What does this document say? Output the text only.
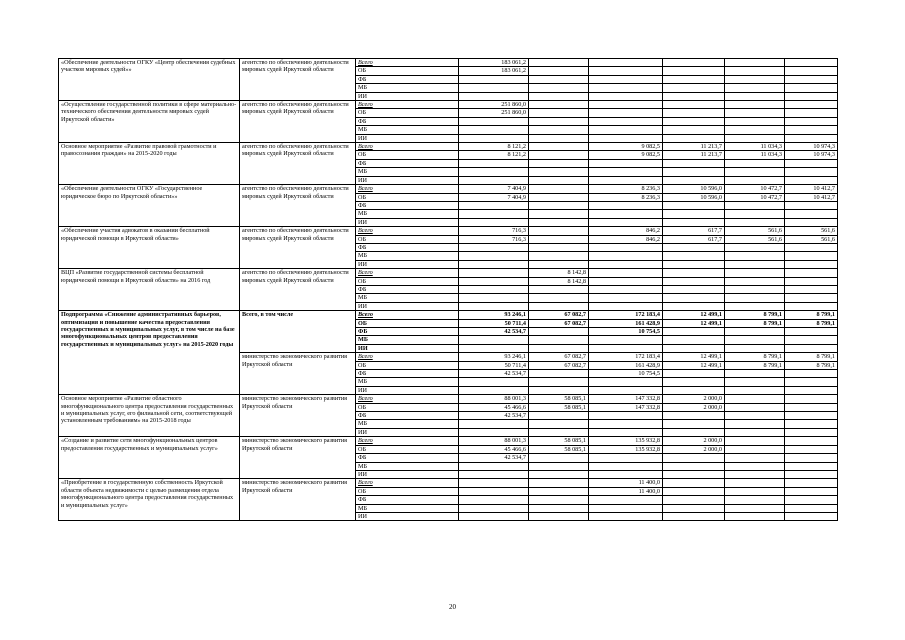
«Обеспечение деятельности ОГКУ «Центр обеспечения судебных участков мировых судей»»	агентство по обеспечению деятельности мировых судей Иркутской области	Всего	183 061,2					
		ОБ	183 061,2					
		ФБ						
		МБ						
		ИИ						
«Осуществление государственной политики в сфере материально-технического обеспечения деятельности мировых судей Иркутской области»	агентство по обеспечению деятельности мировых судей Иркутской области	Всего	251 860,0					
		ОБ	251 860,0					
		ФБ						
		МБ						
		ИИ						
Основное мероприятие «Развитие правовой грамотности и правосознания граждан» на 2015-2020 годы	агентство по обеспечению деятельности мировых судей Иркутской области	Всего	8 121,2		9 082,5	11 213,7	11 034,3	10 974,3
		ОБ	8 121,2		9 082,5	11 213,7	11 034,3	10 974,3
		ФБ						
		МБ						
		ИИ						
«Обеспечение деятельности ОГКУ «Государственное юридическое бюро по Иркутской области»»	агентство по обеспечению деятельности мировых судей Иркутской области	Всего	7 404,9		8 236,3	10 596,0	10 472,7	10 412,7
		ОБ	7 404,9		8 236,3	10 596,0	10 472,7	10 412,7
		ФБ						
		МБ						
		ИИ						
«Обеспечение участия адвокатов в оказании бесплатной юридической помощи в Иркутской области»	агентство по обеспечению деятельности мировых судей Иркутской области	Всего	716,3		846,2	617,7	561,6	561,6
		ОБ	716,3		846,2	617,7	561,6	561,6
		ФБ						
		МБ						
		ИИ						
ВЦП «Развитие государственной системы бесплатной юридической помощи в Иркутской области» на 2016 год	агентство по обеспечению деятельности мировых судей Иркутской области	Всего		8 142,8				
		ОБ		8 142,8				
		ФБ						
		МБ						
		ИИ						
Подпрограмма «Снижение административных барьеров, оптимизация и повышение качества предоставления государственных и муниципальных услуг, в том числе на базе многофункциональных центров предоставления государственных и муниципальных услуг» на 2015-2020 годы	Всего, в том числе	Всего	93 246,1	67 082,7	172 183,4	12 499,1	8 799,1	8 799,1
		ОБ	50 711,4	67 082,7	161 428,9	12 499,1	8 799,1	8 799,1
		ФБ	42 534,7		10 754,5			
		МБ						
		ИИ						
	министерство экономического развития Иркутской области	Всего	93 246,1	67 082,7	172 183,4	12 499,1	8 799,1	8 799,1
		ОБ	50 711,4	67 082,7	161 428,9	12 499,1	8 799,1	8 799,1
		ФБ	42 534,7		10 754,5			
		МБ						
		ИИ						
Основное мероприятие «Развитие областного многофункционального центра предоставления государственных и муниципальных услуг, его филиальной сети, соответствующей установленным требованиям» на 2015-2018 годы	министерство экономического развития Иркутской области	Всего	88 001,3	58 085,1	147 332,8	2 000,0		
		ОБ	45 466,6	58 085,1	147 332,8	2 000,0		
		ФБ	42 534,7					
		МБ						
		ИИ						
«Создание и развитие сети многофункциональных центров предоставления государственных и муниципальных услуг»	министерство экономического развития Иркутской области	Всего	88 001,3	58 085,1	135 932,8	2 000,0		
		ОБ	45 466,6	58 085,1	135 932,8	2 000,0		
		ФБ	42 534,7					
		МБ						
		ИИ						
«Приобретение в государственную собственность Иркутской области объекта недвижимости с целью размещения отдела многофункционального центра предоставления государственных и муниципальных услуг»	министерство экономического развития Иркутской области	Всего			11 400,0			
		ОБ			11 400,0			
		ФБ						
		МБ						
		ИИ						
20
